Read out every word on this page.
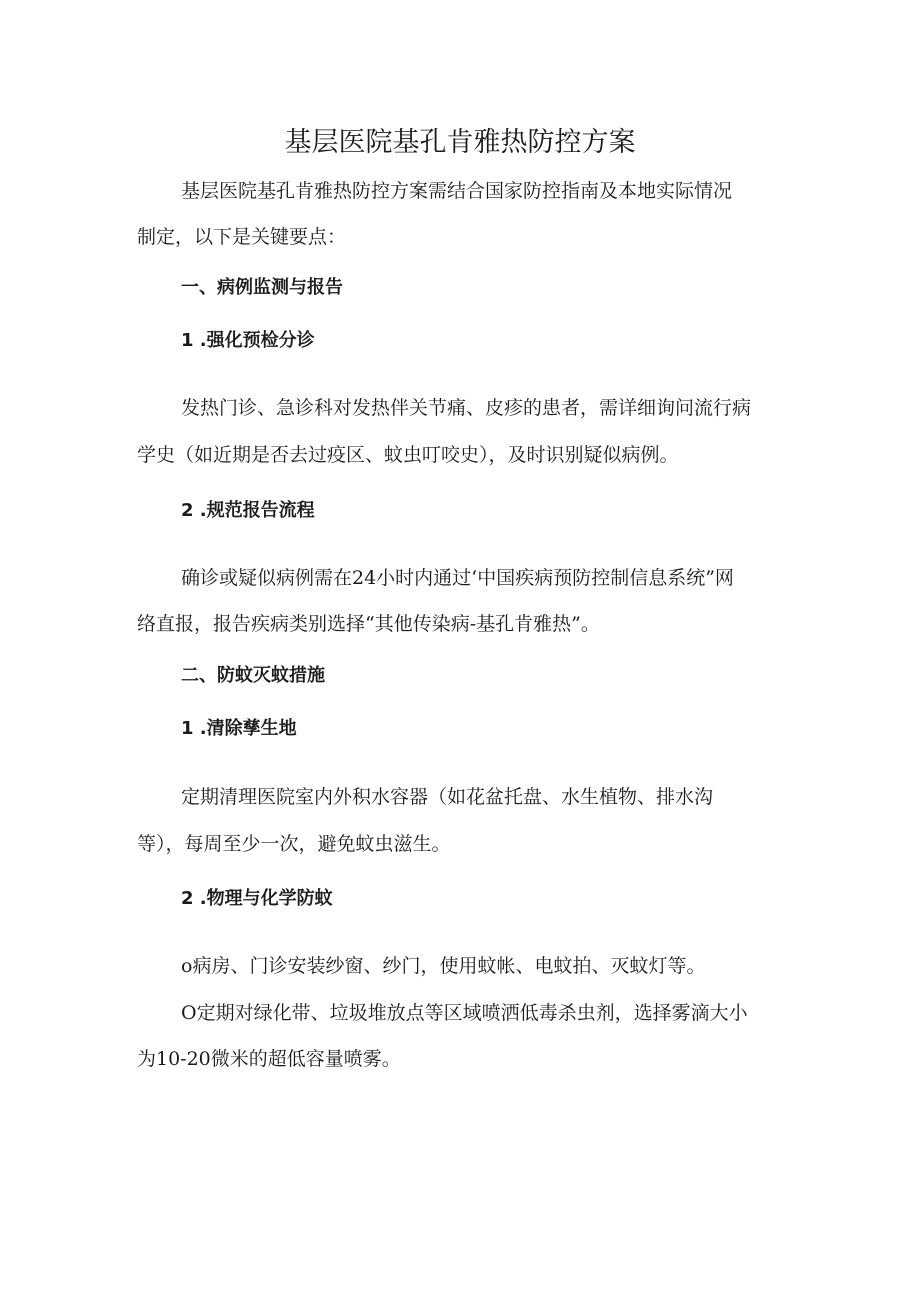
基层医院基孔肯雅热防控方案

基层医院基孔肯雅热防控方案需结合国家防控指南及本地实际情况

制定，以下是关键要点：

一、病例监测与报告

1 .强化预检分诊

发热门诊、急诊科对发热伴关节痛、皮疹的患者，需详细询问流行病

学史（如近期是否去过疫区、蚊虫叮咬史），及时识别疑似病例。

2 .规范报告流程

确诊或疑似病例需在24小时内通过‘中国疾病预防控制信息系统”网

络直报，报告疾病类别选择“其他传染病-基孔肯雅热”。

二、防蚊灭蚊措施

1 .清除孳生地

定期清理医院室内外积水容器（如花盆托盘、水生植物、排水沟

等），每周至少一次，避免蚊虫滋生。

2 .物理与化学防蚊

o病房、门诊安装纱窗、纱门，使用蚊帐、电蚊拍、灭蚊灯等。

O定期对绿化带、垃圾堆放点等区域喷洒低毒杀虫剂，选择雾滴大小

为10-20微米的超低容量喷雾。
